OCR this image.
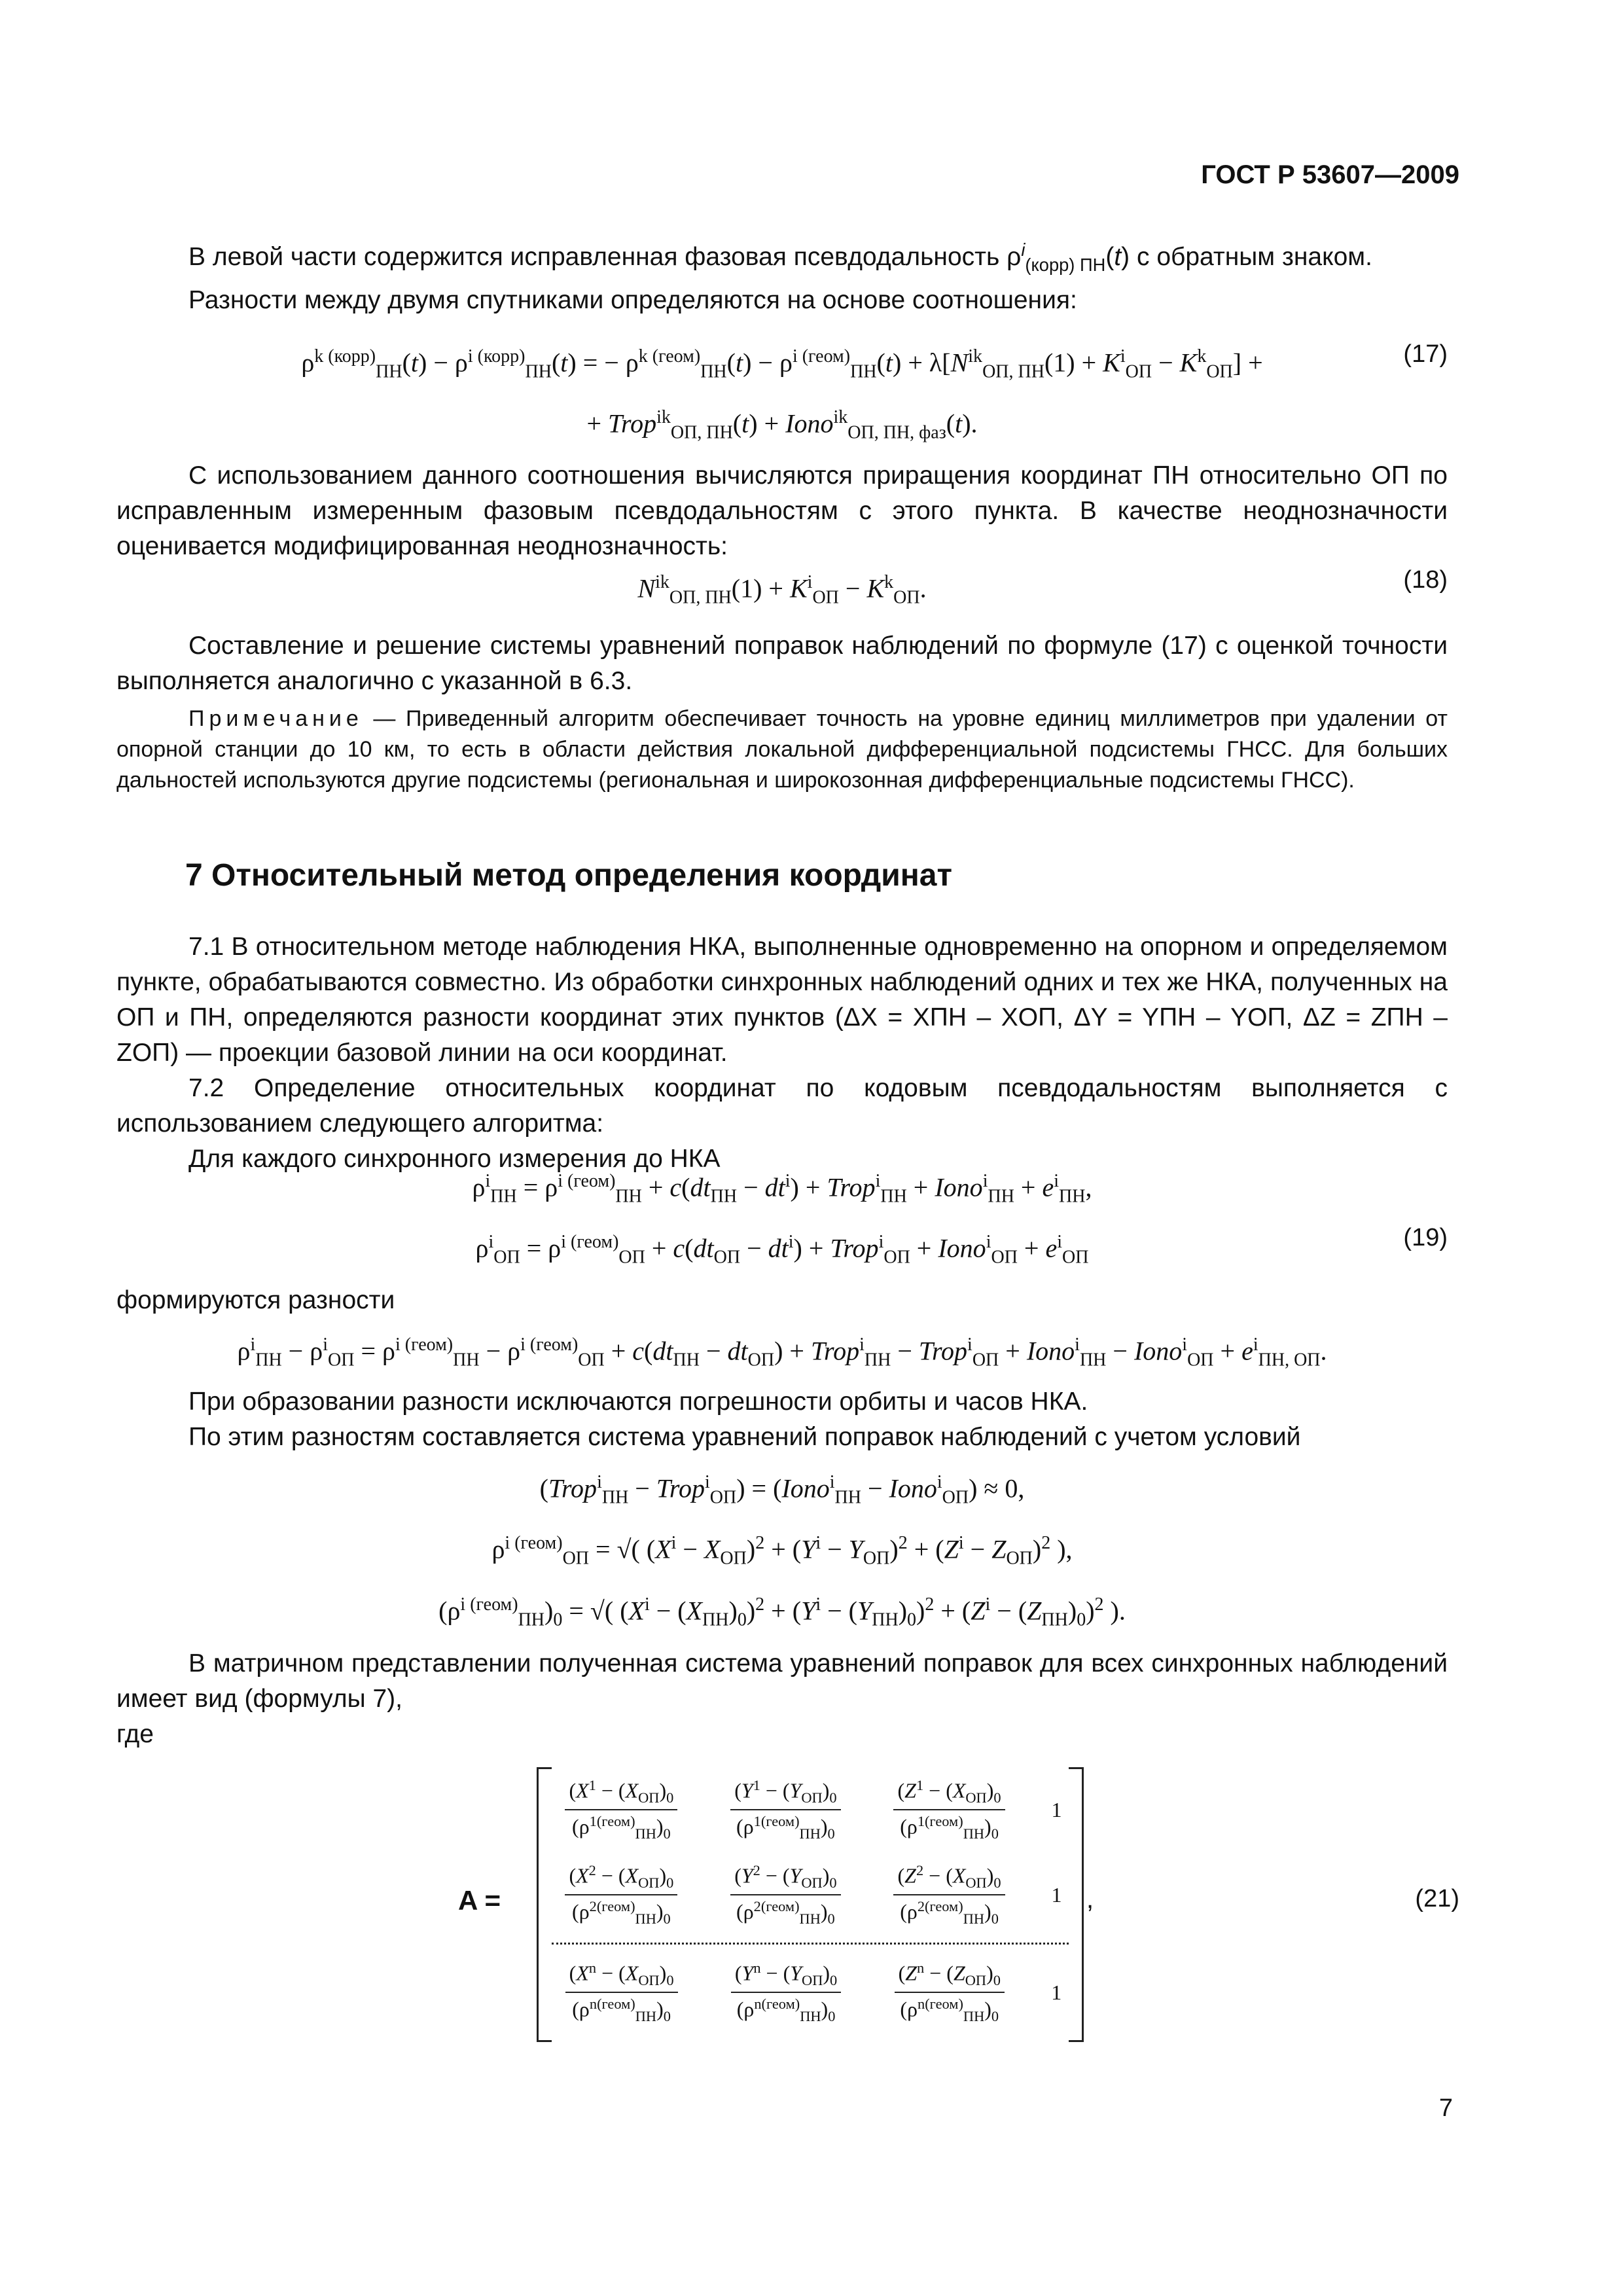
ГОСТ Р 53607—2009

В левой части содержится исправленная фазовая псевдодальность $\rho^i_{(корр) ПН}(t)$ с обратным знаком.

Разности между двумя спутниками определяются на основе соотношения:

$\rho^{k (корр)}_{ПН}(t) - \rho^{i (корр)}_{ПН}(t)$ = − $\rho^{k (геом)}_{ПН}(t) - \rho^{i (геом)}_{ПН}(t) + \lambda[N^{ik}_{ОП, ПН}(1) + K^i_{ОП} - K^k_{ОП}]$ +
+ Trop$^{ik}_{ОП, ПН}$(t) + Iono$^{ik}_{ОП, ПН, фаз}$(t).
(17)

С использованием данного соотношения вычисляются приращения координат ПН относительно ОП по исправленным измеренным фазовым псевдодальностям с этого пункта. В качестве неоднозначности оценивается модифицированная неоднозначность:

$N^{ik}_{ОП, ПН}(1) + K^i_{ОП} - K^k_{ОП}$.	(18)

Составление и решение системы уравнений поправок наблюдений по формуле (17) с оценкой точности выполняется аналогично с указанной в 6.3.

Примечание — Приведенный алгоритм обеспечивает точность на уровне единиц миллиметров при удалении от опорной станции до 10 км, то есть в области действия локальной дифференциальной подсистемы ГНСС. Для больших дальностей используются другие подсистемы (региональная и широкозонная дифференциальные подсистемы ГНСС).

7 Относительный метод определения координат

7.1 В относительном методе наблюдения НКА, выполненные одновременно на опорном и определяемом пункте, обрабатываются совместно. Из обработки синхронных наблюдений одних и тех же НКА, полученных на ОП и ПН, определяются разности координат этих пунктов (ΔX = XПН – XОП, ΔY = YПН – YОП, ΔZ = ZПН – ZОП) — проекции базовой линии на оси координат.

7.2 Определение относительных координат по кодовым псевдодальностям выполняется с использованием следующего алгоритма:

Для каждого синхронного измерения до НКА

$\rho^i_{ПН} = \rho^{i (геом)}_{ПН} + c(dt_{ПН} - dt^i)$ + Trop$^i_{ПН}$ + Iono$^i_{ПН}$ + $e^i_{ПН}$,
$\rho^i_{ОП} = \rho^{i (геом)}_{ОП} + c(dt_{ОП} - dt^i)$ + Trop$^i_{ОП}$ + Iono$^i_{ОП}$ + $e^i_{ОП}$
(19)

формируются разности

$\rho^i_{ПН} - \rho^i_{ОП} = \rho^{i (геом)}_{ПН} - \rho^{i (геом)}_{ОП} + c(dt_{ПН} - dt_{ОП})$ + Trop$^i_{ПН}$ − Trop$^i_{ОП}$ + Iono$^i_{ПН}$ − Iono$^i_{ОП}$ + $e^i_{ПН, ОП}$.

При образовании разности исключаются погрешности орбиты и часов НКА.

По этим разностям составляется система уравнений поправок наблюдений с учетом условий

(Trop$^i_{ПН}$ − Trop$^i_{ОП}$) = (Iono$^i_{ПН}$ − Iono$^i_{ОП}$) ≈ 0,
$\rho^{i (геом)}_{ОП}$ = √( $(X^i - X_{ОП})^2 + (Y^i - Y_{ОП})^2 + (Z^i - Z_{ОП})^2$ ),
$(\rho^{i (геом)}_{ПН})_0$ = √( $(X^i - (X_{ПН})_0)^2 + (Y^i - (Y_{ПН})_0)^2 + (Z^i - (Z_{ПН})_0)^2$ ).

В матричном представлении полученная система уравнений поправок для всех синхронных наблюдений имеет вид (формулы 7),

где

A =
$\frac{(X^1 - (X_{ОП})_0}{(\rho^{1(геом)}_{ПН})_0}$	$\frac{(Y^1 - (Y_{ОП})_0}{(\rho^{1(геом)}_{ПН})_0}$	$\frac{(Z^1 - (X_{ОП})_0}{(\rho^{1(геом)}_{ПН})_0} 1$
$\frac{(X^2 - (X_{ОП})_0}{(\rho^{2(геом)}_{ПН})_0}$	$\frac{(Y^2 - (Y_{ОП})_0}{(\rho^{2(геом)}_{ПН})_0}$	$\frac{(Z^2 - (X_{ОП})_0}{(\rho^{2(геом)}_{ПН})_0} 1$
$\frac{(X^n - (X_{ОП})_0}{(\rho^{n(геом)}_{ПН})_0}$	$\frac{(Y^n - (Y_{ОП})_0}{(\rho^{n(геом)}_{ПН})_0}$	$\frac{(Z^n - (Z_{ОП})_0}{(\rho^{n(геом)}_{ПН})_0} 1$
,	(21)
7
